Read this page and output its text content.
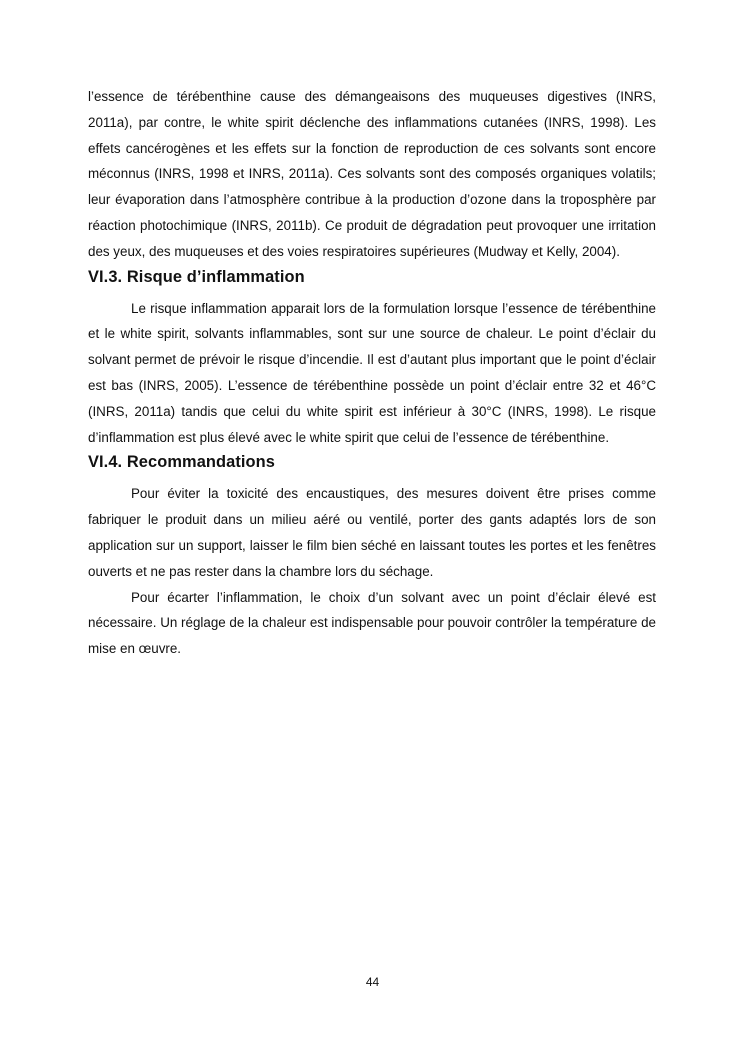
l’essence de térébenthine cause des démangeaisons des muqueuses digestives (INRS, 2011a), par contre, le white spirit déclenche des inflammations cutanées (INRS, 1998). Les effets cancérogènes et les effets sur la fonction de reproduction de ces solvants sont encore méconnus (INRS, 1998 et INRS, 2011a). Ces solvants sont des composés organiques volatils; leur évaporation dans l’atmosphère contribue à la production d’ozone dans la troposphère par réaction photochimique (INRS, 2011b). Ce produit de dégradation peut provoquer une irritation des yeux, des muqueuses et des voies respiratoires supérieures (Mudway et Kelly, 2004).

VI.3. Risque d’inflammation

Le risque inflammation apparait lors de la formulation lorsque l’essence de térébenthine et le white spirit, solvants inflammables, sont sur une source de chaleur. Le point d’éclair du solvant permet de prévoir le risque d’incendie. Il est d’autant plus important que le point d’éclair est bas (INRS, 2005). L’essence de térébenthine possède un point d’éclair entre 32 et 46°C (INRS, 2011a) tandis que celui du white spirit est inférieur à 30°C (INRS, 1998). Le risque d’inflammation est plus élevé avec le white spirit que celui de l’essence de térébenthine.

VI.4. Recommandations

Pour éviter la toxicité des encaustiques, des mesures doivent être prises comme fabriquer le produit dans un milieu aéré ou ventilé, porter des gants adaptés lors de son application sur un support, laisser le film bien séché en laissant toutes les portes et les fenêtres ouverts et ne pas rester dans la chambre lors du séchage.

Pour écarter l’inflammation, le choix d’un solvant avec un point d’éclair élevé est nécessaire. Un réglage de la chaleur est indispensable pour pouvoir contrôler la température de mise en œuvre.

44
